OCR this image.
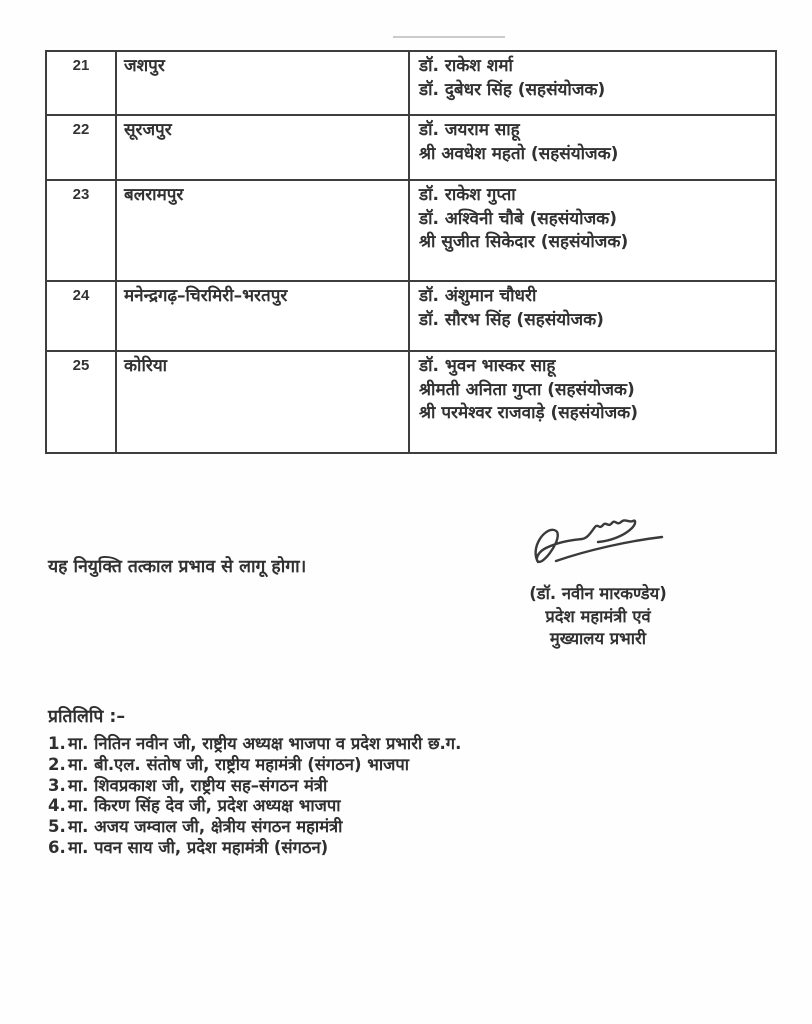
21	जशपुर	डॉ. राकेश शर्मा
डॉ. दुबेधर सिंह (सहसंयोजक)
22	सूरजपुर	डॉ. जयराम साहू
श्री अवधेश महतो (सहसंयोजक)
23	बलरामपुर	डॉ. राकेश गुप्ता
डॉ. अश्विनी चौबे (सहसंयोजक)
श्री सुजीत सिकेदार (सहसंयोजक)
24	मनेन्द्रगढ़–चिरमिरी–भरतपुर	डॉ. अंशुमान चौधरी
डॉ. सौरभ सिंह (सहसंयोजक)
25	कोरिया	डॉ. भुवन भास्कर साहू
श्रीमती अनिता गुप्ता (सहसंयोजक)
श्री परमेश्वर राजवाड़े (सहसंयोजक)
यह नियुक्ति तत्काल प्रभाव से लागू होगा।
(डॉ. नवीन मारकण्डेय)
प्रदेश महामंत्री एवं
मुख्यालय प्रभारी
प्रतिलिपि :–
1. मा. नितिन नवीन जी, राष्ट्रीय अध्यक्ष भाजपा व प्रदेश प्रभारी छ.ग.
2. मा. बी.एल. संतोष जी, राष्ट्रीय महामंत्री (संगठन) भाजपा
3. मा. शिवप्रकाश जी, राष्ट्रीय सह–संगठन मंत्री
4. मा. किरण सिंह देव जी, प्रदेश अध्यक्ष भाजपा
5. मा. अजय जम्वाल जी, क्षेत्रीय संगठन महामंत्री
6. मा. पवन साय जी, प्रदेश महामंत्री (संगठन)
